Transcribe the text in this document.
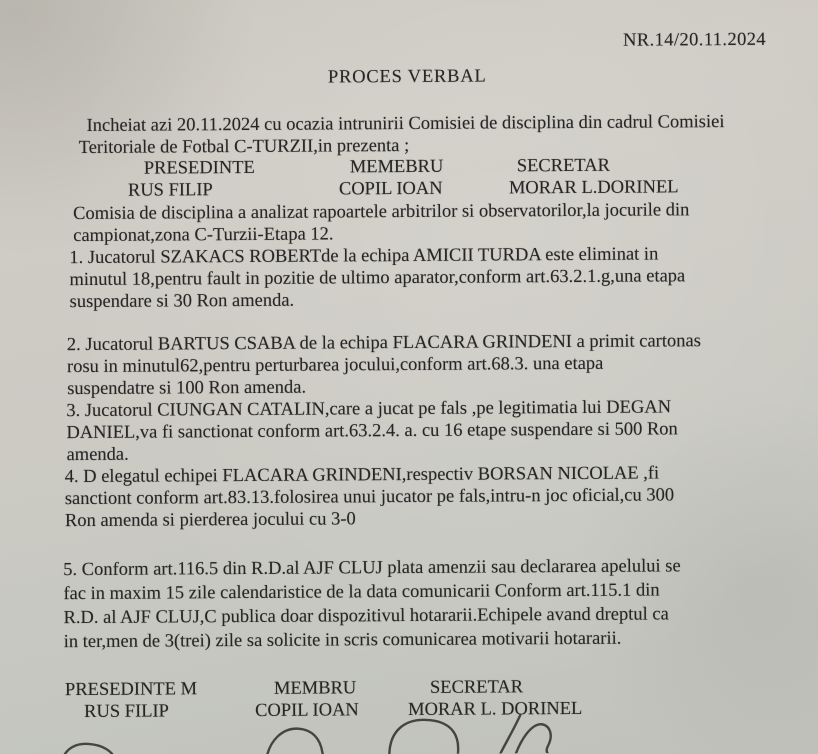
NR.14/20.11.2024
PROCES VERBAL
Incheiat azi 20.11.2024 cu ocazia intrunirii Comisiei de disciplina din cadrul Comisiei
Teritoriale de Fotbal C-TURZII,in prezenta ;
PRESEDINTE	MEMEBRU	SECRETAR
RUS FILIP	COPIL IOAN	MORAR L.DORINEL
Comisia de disciplina a analizat rapoartele arbitrilor si observatorilor,la jocurile din
campionat,zona C-Turzii-Etapa 12.
1. Jucatorul SZAKACS ROBERTde la echipa AMICII TURDA este eliminat in
minutul 18,pentru fault in pozitie de ultimo aparator,conform art.63.2.1.g,una etapa
suspendare si 30 Ron amenda.
2. Jucatorul BARTUS CSABA de la echipa FLACARA GRINDENI a primit cartonas
rosu in minutul62,pentru perturbarea jocului,conform art.68.3. una etapa
suspendatre si 100 Ron amenda.
3. Jucatorul CIUNGAN CATALIN,care a jucat pe fals ,pe legitimatia lui DEGAN
DANIEL,va fi sanctionat conform art.63.2.4. a. cu 16 etape suspendare si 500 Ron
amenda.
4. D elegatul echipei FLACARA GRINDENI,respectiv BORSAN NICOLAE ,fi
sanctiont conform art.83.13.folosirea unui jucator pe fals,intru-n joc oficial,cu 300
Ron amenda si pierderea jocului cu 3-0
5. Conform art.116.5 din R.D.al AJF CLUJ plata amenzii sau declararea apelului se
fac in maxim 15 zile calendaristice de la data comunicarii Conform art.115.1 din
R.D. al AJF CLUJ,C publica doar dispozitivul hotararii.Echipele avand dreptul ca
in ter,men de 3(trei) zile sa solicite in scris comunicarea motivarii hotararii.
PRESEDINTE M	MEMBRU	SECRETAR
RUS FILIP	COPIL IOAN	MORAR L. DORINEL
